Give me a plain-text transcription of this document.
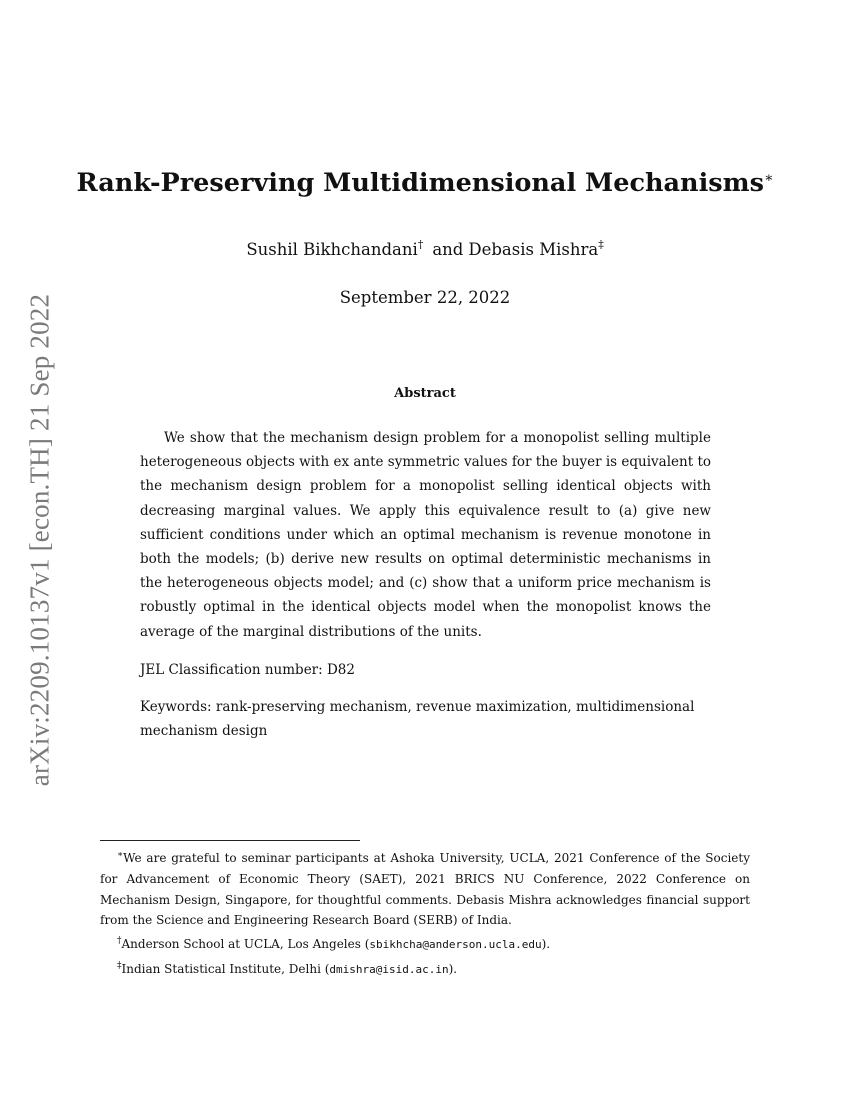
arXiv:2209.10137v1 [econ.TH] 21 Sep 2022
Rank-Preserving Multidimensional Mechanisms∗
Sushil Bikhchandani† and Debasis Mishra‡
September 22, 2022
Abstract

We show that the mechanism design problem for a monopolist selling multiple heterogeneous objects with ex ante symmetric values for the buyer is equivalent to the mechanism design problem for a monopolist selling identical objects with decreasing marginal values. We apply this equivalence result to (a) give new sufficient conditions under which an optimal mechanism is revenue monotone in both the models; (b) derive new results on optimal deterministic mechanisms in the heterogeneous objects model; and (c) show that a uniform price mechanism is robustly optimal in the identical objects model when the monopolist knows the average of the marginal distributions of the units.

JEL Classification number: D82

Keywords: rank-preserving mechanism, revenue maximization, multidimensional mechanism design

∗We are grateful to seminar participants at Ashoka University, UCLA, 2021 Conference of the Society for Advancement of Economic Theory (SAET), 2021 BRICS NU Conference, 2022 Conference on Mechanism Design, Singapore, for thoughtful comments. Debasis Mishra acknowledges financial support from the Science and Engineering Research Board (SERB) of India.

†Anderson School at UCLA, Los Angeles (sbikhcha@anderson.ucla.edu).

‡Indian Statistical Institute, Delhi (dmishra@isid.ac.in).
